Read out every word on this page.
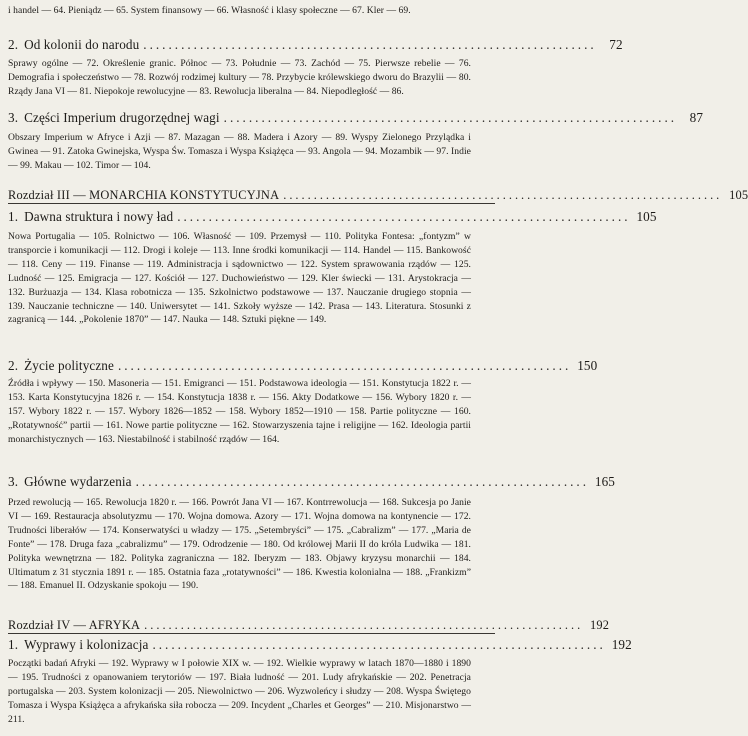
i handel — 64. Pieniądz — 65. System finansowy — 66. Własność i klasy społeczne — 67. Kler — 69.

2. Od kolonii do narodu ........................................................................ 72

Sprawy ogólne — 72. Określenie granic. Północ — 73. Południe — 73. Zachód — 75. Pierwsze rebelie — 76. Demografia i społeczeństwo — 78. Rozwój rodzimej kultury — 78. Przybycie królewskiego dworu do Brazylii — 80. Rządy Jana VI — 81. Niepokoje rewolucyjne — 83. Rewolucja liberalna — 84. Niepodległość — 86.

3. Części Imperium drugorzędnej wagi ........................................................................ 87

Obszary Imperium w Afryce i Azji — 87. Mazagan — 88. Madera i Azory — 89. Wyspy Zielonego Przylądka i Gwinea — 91. Zatoka Gwinejska, Wyspa Św. Tomasza i Wyspa Książęca — 93. Angola — 94. Mozambik — 97. Indie — 99. Makau — 102. Timor — 104.

Rozdział III — MONARCHIA KONSTYTUCYJNA ........................................................................ 105
1. Dawna struktura i nowy ład ........................................................................ 105

Nowa Portugalia — 105. Rolnictwo — 106. Własność — 109. Przemysł — 110. Polityka Fontesa: „fontyzm” w transporcie i komunikacji — 112. Drogi i koleje — 113. Inne środki komunikacji — 114. Handel — 115. Bankowość — 118. Ceny — 119. Finanse — 119. Administracja i sądownictwo — 122. System sprawowania rządów — 125. Ludność — 125. Emigracja — 127. Kościół — 127. Duchowieństwo — 129. Kler świecki — 131. Arystokracja — 132. Burżuazja — 134. Klasa robotnicza — 135. Szkolnictwo podstawowe — 137. Nauczanie drugiego stopnia — 139. Nauczanie techniczne — 140. Uniwersytet — 141. Szkoły wyższe — 142. Prasa — 143. Literatura. Stosunki z zagranicą — 144. „Pokolenie 1870” — 147. Nauka — 148. Sztuki piękne — 149.

2. Życie polityczne ........................................................................ 150

Źródła i wpływy — 150. Masoneria — 151. Emigranci — 151. Podstawowa ideologia — 151. Konstytucja 1822 r. — 153. Karta Konstytucyjna 1826 r. — 154. Konstytucja 1838 r. — 156. Akty Dodatkowe — 156. Wybory 1820 r. — 157. Wybory 1822 r. — 157. Wybory 1826—1852 — 158. Wybory 1852—1910 — 158. Partie polityczne — 160. „Rotatywność” partii — 161. Nowe partie polityczne — 162. Stowarzyszenia tajne i religijne — 162. Ideologia partii monarchistycznych — 163. Niestabilność i stabilność rządów — 164.

3. Główne wydarzenia ........................................................................ 165

Przed rewolucją — 165. Rewolucja 1820 r. — 166. Powrót Jana VI — 167. Kontrrewolucja — 168. Sukcesja po Janie VI — 169. Restauracja absolutyzmu — 170. Wojna domowa. Azory — 171. Wojna domowa na kontynencie — 172. Trudności liberałów — 174. Konserwatyści u władzy — 175. „Setembryści” — 175. „Cabralizm” — 177. „Maria de Fonte” — 178. Druga faza „cabralizmu” — 179. Odrodzenie — 180. Od królowej Marii II do króla Ludwika — 181. Polityka wewnętrzna — 182. Polityka zagraniczna — 182. Iberyzm — 183. Objawy kryzysu monarchii — 184. Ultimatum z 31 stycznia 1891 r. — 185. Ostatnia faza „rotatywności” — 186. Kwestia kolonialna — 188. „Frankizm” — 188. Emanuel II. Odzyskanie spokoju — 190.

Rozdział IV — AFRYKA ........................................................................ 192
1. Wyprawy i kolonizacja ........................................................................ 192

Początki badań Afryki — 192. Wyprawy w I połowie XIX w. — 192. Wielkie wyprawy w latach 1870—1880 i 1890 — 195. Trudności z opanowaniem terytoriów — 197. Biała ludność — 201. Ludy afrykańskie — 202. Penetracja portugalska — 203. System kolonizacji — 205. Niewolnictwo — 206. Wyzwoleńcy i słudzy — 208. Wyspa Świętego Tomasza i Wyspa Książęca a afrykańska siła robocza — 209. Incydent „Charles et Georges” — 210. Misjonarstwo — 211.
